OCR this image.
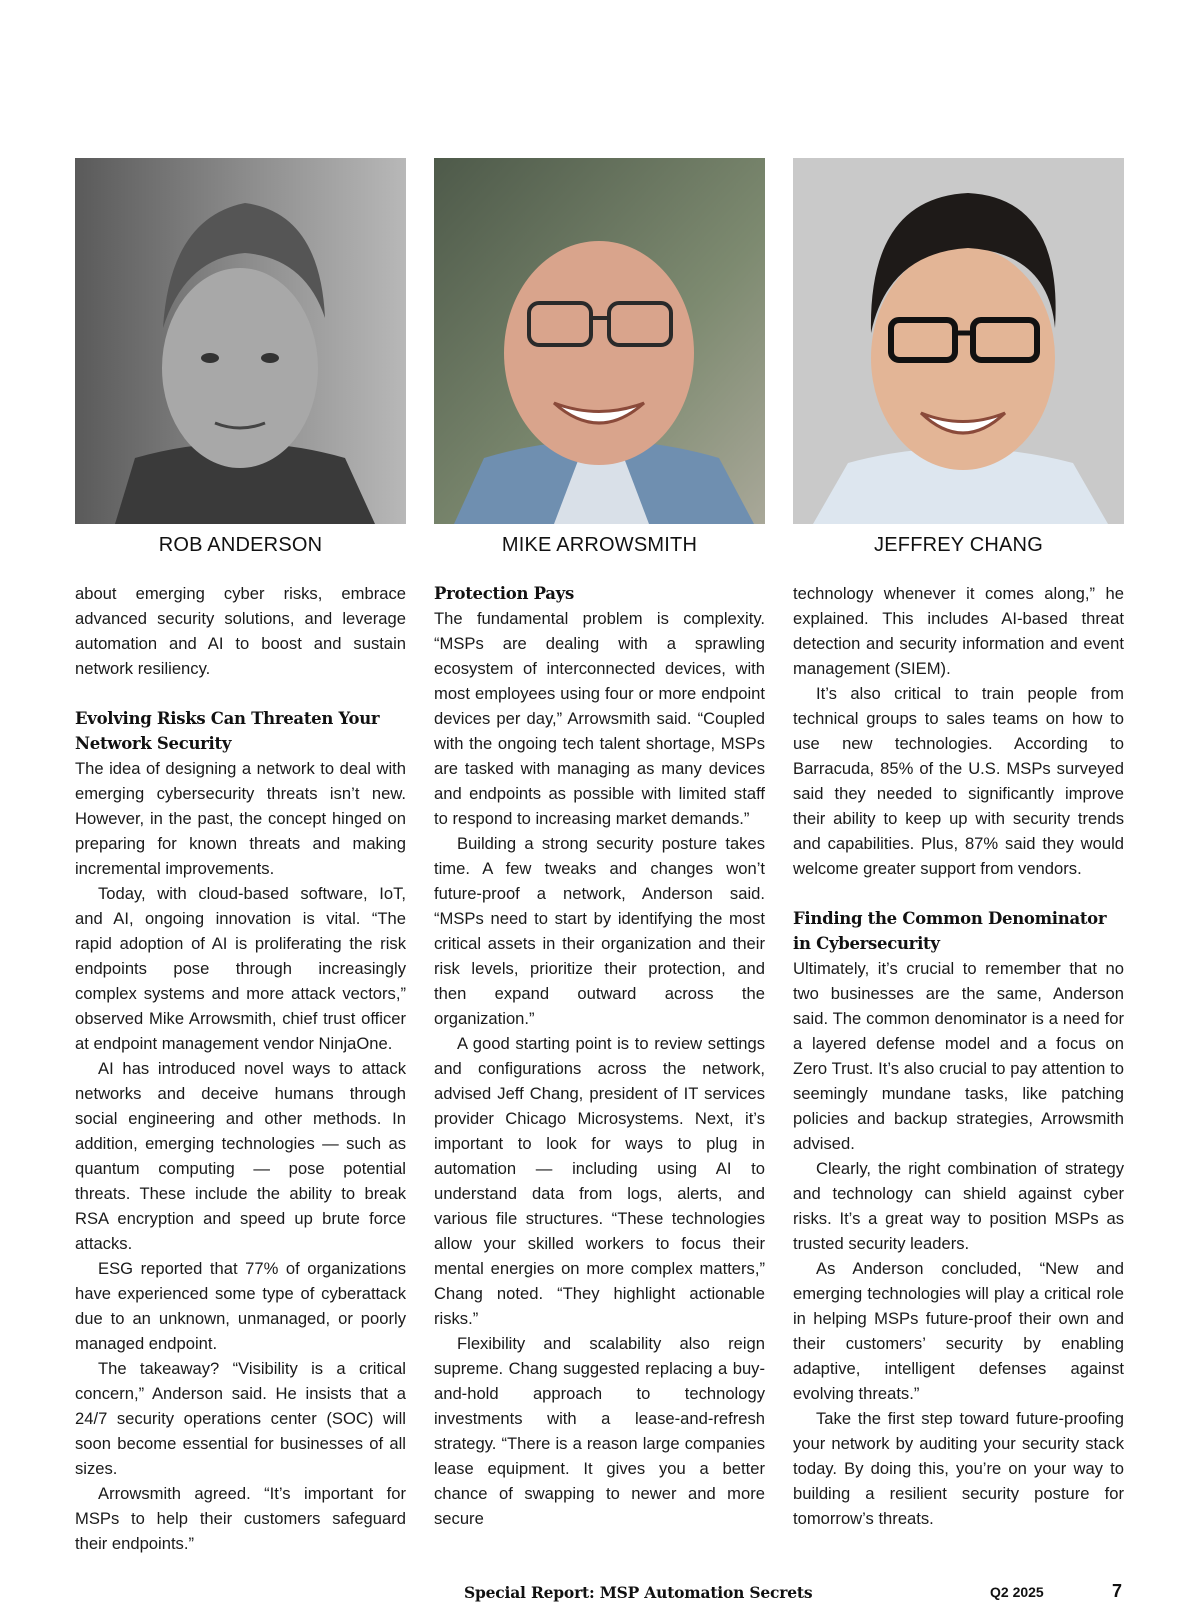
ROB ANDERSON	MIKE ARROWSMITH	JEFFREY CHANG

about emerging cyber risks, embrace advanced security solutions, and leverage automation and AI to boost and sustain network resiliency.

Evolving Risks Can Threaten Your Network Security

The idea of designing a network to deal with emerging cybersecurity threats isn’t new. However, in the past, the concept hinged on preparing for known threats and making incremental improvements.

Today, with cloud-based software, IoT, and AI, ongoing innovation is vital. “The rapid adoption of AI is proliferating the risk endpoints pose through increasingly complex systems and more attack vectors,” observed Mike Arrowsmith, chief trust officer at endpoint management vendor NinjaOne.

AI has introduced novel ways to attack networks and deceive humans through social engineering and other methods. In addition, emerging technologies — such as quantum computing — pose potential threats. These include the ability to break RSA encryption and speed up brute force attacks.

ESG reported that 77% of organizations have experienced some type of cyberattack due to an unknown, unmanaged, or poorly managed endpoint.

The takeaway? “Visibility is a critical concern,” Anderson said. He insists that a 24/7 security operations center (SOC) will soon become essential for businesses of all sizes.

Arrowsmith agreed. “It’s important for MSPs to help their customers safeguard their endpoints.”

Protection Pays

The fundamental problem is complexity. “MSPs are dealing with a sprawling ecosystem of interconnected devices, with most employees using four or more endpoint devices per day,” Arrowsmith said. “Coupled with the ongoing tech talent shortage, MSPs are tasked with managing as many devices and endpoints as possible with limited staff to respond to increasing market demands.”

Building a strong security posture takes time. A few tweaks and changes won’t future-proof a network, Anderson said. “MSPs need to start by identifying the most critical assets in their organization and their risk levels, prioritize their protection, and then expand outward across the organization.”

A good starting point is to review settings and configurations across the network, advised Jeff Chang, president of IT services provider Chicago Microsystems. Next, it’s important to look for ways to plug in automation — including using AI to understand data from logs, alerts, and various file structures. “These technologies allow your skilled workers to focus their mental energies on more complex matters,” Chang noted. “They highlight actionable risks.”

Flexibility and scalability also reign supreme. Chang suggested replacing a buy-and-hold approach to technology investments with a lease-and-refresh strategy. “There is a reason large companies lease equipment. It gives you a better chance of swapping to newer and more secure

technology whenever it comes along,” he explained. This includes AI-based threat detection and security information and event management (SIEM).

It’s also critical to train people from technical groups to sales teams on how to use new technologies. According to Barracuda, 85% of the U.S. MSPs surveyed said they needed to significantly improve their ability to keep up with security trends and capabilities. Plus, 87% said they would welcome greater support from vendors.

Finding the Common Denominator in Cybersecurity

Ultimately, it’s crucial to remember that no two businesses are the same, Anderson said. The common denominator is a need for a layered defense model and a focus on Zero Trust. It’s also crucial to pay attention to seemingly mundane tasks, like patching policies and backup strategies, Arrowsmith advised.

Clearly, the right combination of strategy and technology can shield against cyber risks. It’s a great way to position MSPs as trusted security leaders.

As Anderson concluded, “New and emerging technologies will play a critical role in helping MSPs future-proof their own and their customers’ security by enabling adaptive, intelligent defenses against evolving threats.”

Take the first step toward future-proofing your network by auditing your security stack today. By doing this, you’re on your way to building a resilient security posture for tomorrow’s threats.

Special Report: MSP Automation Secrets	Q2 2025	7
